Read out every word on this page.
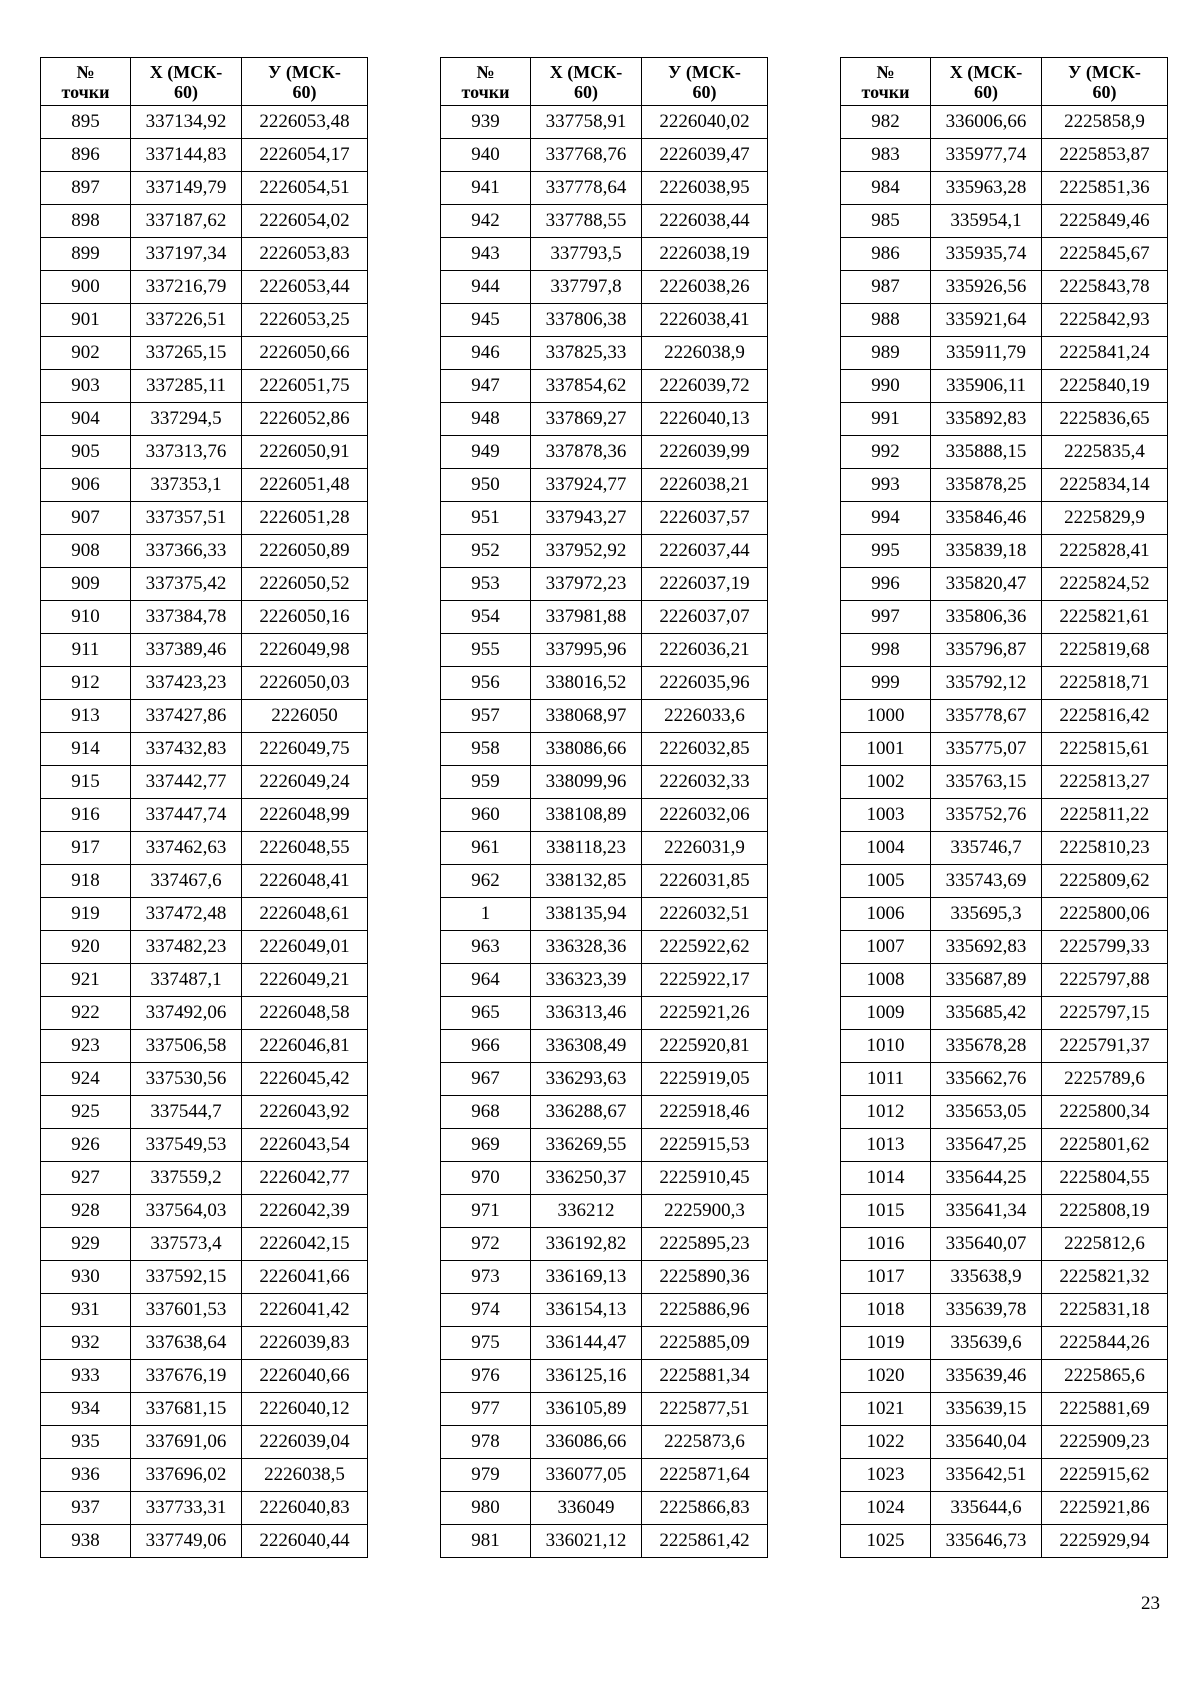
№
точки	Х (МСК-
60)	У (МСК-
60)
895	337134,92	2226053,48
896	337144,83	2226054,17
897	337149,79	2226054,51
898	337187,62	2226054,02
899	337197,34	2226053,83
900	337216,79	2226053,44
901	337226,51	2226053,25
902	337265,15	2226050,66
903	337285,11	2226051,75
904	337294,5	2226052,86
905	337313,76	2226050,91
906	337353,1	2226051,48
907	337357,51	2226051,28
908	337366,33	2226050,89
909	337375,42	2226050,52
910	337384,78	2226050,16
911	337389,46	2226049,98
912	337423,23	2226050,03
913	337427,86	2226050
914	337432,83	2226049,75
915	337442,77	2226049,24
916	337447,74	2226048,99
917	337462,63	2226048,55
918	337467,6	2226048,41
919	337472,48	2226048,61
920	337482,23	2226049,01
921	337487,1	2226049,21
922	337492,06	2226048,58
923	337506,58	2226046,81
924	337530,56	2226045,42
925	337544,7	2226043,92
926	337549,53	2226043,54
927	337559,2	2226042,77
928	337564,03	2226042,39
929	337573,4	2226042,15
930	337592,15	2226041,66
931	337601,53	2226041,42
932	337638,64	2226039,83
933	337676,19	2226040,66
934	337681,15	2226040,12
935	337691,06	2226039,04
936	337696,02	2226038,5
937	337733,31	2226040,83
938	337749,06	2226040,44
№
точки	Х (МСК-
60)	У (МСК-
60)
939	337758,91	2226040,02
940	337768,76	2226039,47
941	337778,64	2226038,95
942	337788,55	2226038,44
943	337793,5	2226038,19
944	337797,8	2226038,26
945	337806,38	2226038,41
946	337825,33	2226038,9
947	337854,62	2226039,72
948	337869,27	2226040,13
949	337878,36	2226039,99
950	337924,77	2226038,21
951	337943,27	2226037,57
952	337952,92	2226037,44
953	337972,23	2226037,19
954	337981,88	2226037,07
955	337995,96	2226036,21
956	338016,52	2226035,96
957	338068,97	2226033,6
958	338086,66	2226032,85
959	338099,96	2226032,33
960	338108,89	2226032,06
961	338118,23	2226031,9
962	338132,85	2226031,85
1	338135,94	2226032,51
963	336328,36	2225922,62
964	336323,39	2225922,17
965	336313,46	2225921,26
966	336308,49	2225920,81
967	336293,63	2225919,05
968	336288,67	2225918,46
969	336269,55	2225915,53
970	336250,37	2225910,45
971	336212	2225900,3
972	336192,82	2225895,23
973	336169,13	2225890,36
974	336154,13	2225886,96
975	336144,47	2225885,09
976	336125,16	2225881,34
977	336105,89	2225877,51
978	336086,66	2225873,6
979	336077,05	2225871,64
980	336049	2225866,83
981	336021,12	2225861,42
№
точки	Х (МСК-
60)	У (МСК-
60)
982	336006,66	2225858,9
983	335977,74	2225853,87
984	335963,28	2225851,36
985	335954,1	2225849,46
986	335935,74	2225845,67
987	335926,56	2225843,78
988	335921,64	2225842,93
989	335911,79	2225841,24
990	335906,11	2225840,19
991	335892,83	2225836,65
992	335888,15	2225835,4
993	335878,25	2225834,14
994	335846,46	2225829,9
995	335839,18	2225828,41
996	335820,47	2225824,52
997	335806,36	2225821,61
998	335796,87	2225819,68
999	335792,12	2225818,71
1000	335778,67	2225816,42
1001	335775,07	2225815,61
1002	335763,15	2225813,27
1003	335752,76	2225811,22
1004	335746,7	2225810,23
1005	335743,69	2225809,62
1006	335695,3	2225800,06
1007	335692,83	2225799,33
1008	335687,89	2225797,88
1009	335685,42	2225797,15
1010	335678,28	2225791,37
1011	335662,76	2225789,6
1012	335653,05	2225800,34
1013	335647,25	2225801,62
1014	335644,25	2225804,55
1015	335641,34	2225808,19
1016	335640,07	2225812,6
1017	335638,9	2225821,32
1018	335639,78	2225831,18
1019	335639,6	2225844,26
1020	335639,46	2225865,6
1021	335639,15	2225881,69
1022	335640,04	2225909,23
1023	335642,51	2225915,62
1024	335644,6	2225921,86
1025	335646,73	2225929,94
23
